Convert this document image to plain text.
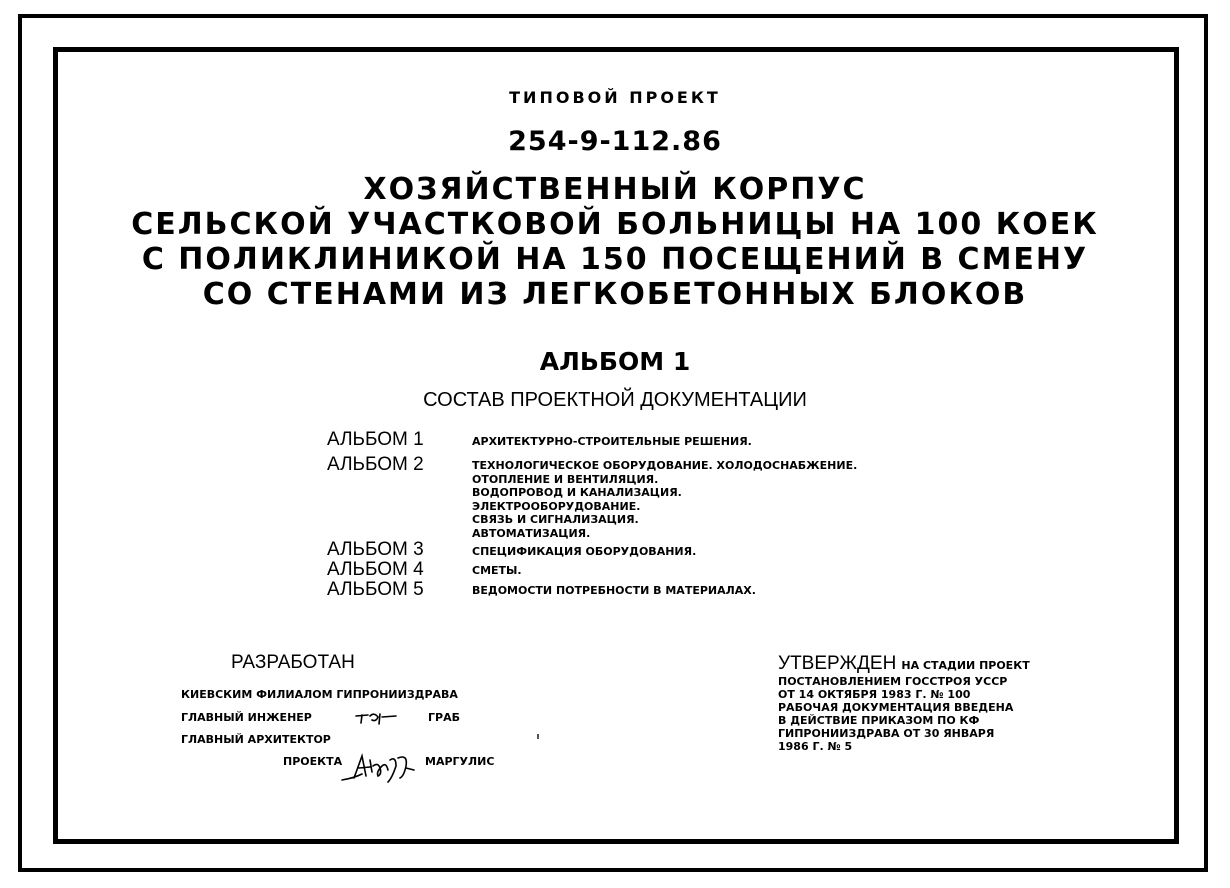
ТИПОВОЙ ПРОЕКТ
254-9-112.86
ХОЗЯЙСТВЕННЫЙ КОРПУС
СЕЛЬСКОЙ УЧАСТКОВОЙ БОЛЬНИЦЫ НА 100 КОЕК
С ПОЛИКЛИНИКОЙ НА 150 ПОСЕЩЕНИЙ В СМЕНУ
СО СТЕНАМИ ИЗ ЛЕГКОБЕТОННЫХ БЛОКОВ
АЛЬБОМ 1
СОСТАВ ПРОЕКТНОЙ ДОКУМЕНТАЦИИ
АЛЬБОМ 1	АРХИТЕКТУРНО-СТРОИТЕЛЬНЫЕ РЕШЕНИЯ.
АЛЬБОМ 2	ТЕХНОЛОГИЧЕСКОЕ ОБОРУДОВАНИЕ. ХОЛОДОСНАБЖЕНИЕ.
ОТОПЛЕНИЕ И ВЕНТИЛЯЦИЯ.
ВОДОПРОВОД И КАНАЛИЗАЦИЯ.
ЭЛЕКТРООБОРУДОВАНИЕ.
СВЯЗЬ И СИГНАЛИЗАЦИЯ.
АВТОМАТИЗАЦИЯ.
АЛЬБОМ 3	СПЕЦИФИКАЦИЯ ОБОРУДОВАНИЯ.
АЛЬБОМ 4	СМЕТЫ.
АЛЬБОМ 5	ВЕДОМОСТИ ПОТРЕБНОСТИ В МАТЕРИАЛАХ.
РАЗРАБОТАН
КИЕВСКИМ ФИЛИАЛОМ ГИПРОНИИЗДРАВА
ГЛАВНЫЙ ИНЖЕНЕР	ГРАБ
ГЛАВНЫЙ АРХИТЕКТОР
ПРОЕКТА	МАРГУЛИС
УТВЕРЖДЕН НА СТАДИИ ПРОЕКТ
ПОСТАНОВЛЕНИЕМ ГОССТРОЯ УССР
ОТ 14 ОКТЯБРЯ 1983 Г. № 100
РАБОЧАЯ ДОКУМЕНТАЦИЯ ВВЕДЕНА
В ДЕЙСТВИЕ ПРИКАЗОМ ПО КФ
ГИПРОНИИЗДРАВА ОТ 30 ЯНВАРЯ
1986 Г. № 5
